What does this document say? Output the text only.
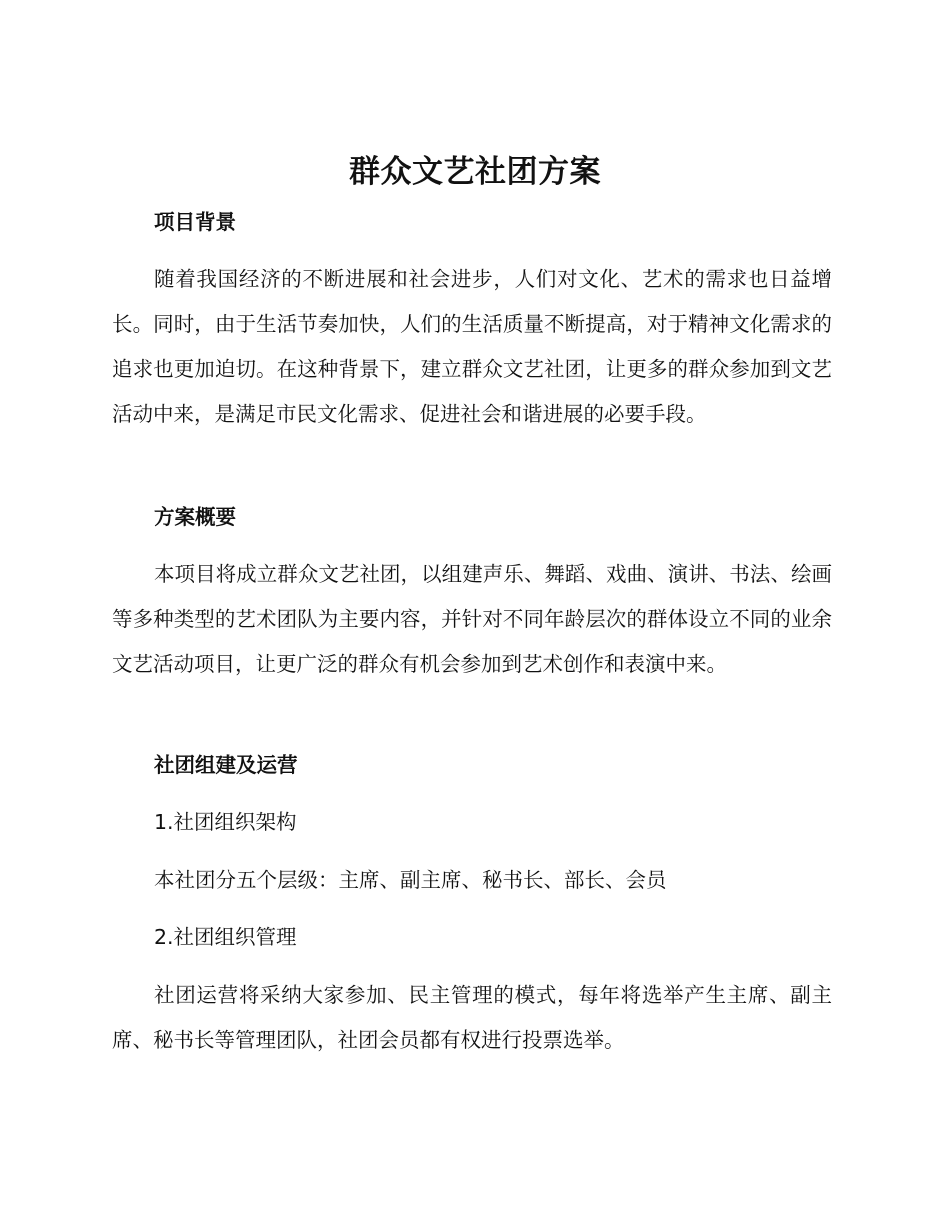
群众文艺社团方案
项目背景
随着我国经济的不断进展和社会进步，人们对文化、艺术的需求也日益增长。同时，由于生活节奏加快，人们的生活质量不断提高，对于精神文化需求的追求也更加迫切。在这种背景下，建立群众文艺社团，让更多的群众参加到文艺活动中来，是满足市民文化需求、促进社会和谐进展的必要手段。
方案概要
本项目将成立群众文艺社团，以组建声乐、舞蹈、戏曲、演讲、书法、绘画等多种类型的艺术团队为主要内容，并针对不同年龄层次的群体设立不同的业余文艺活动项目，让更广泛的群众有机会参加到艺术创作和表演中来。
社团组建及运营
1.社团组织架构
本社团分五个层级：主席、副主席、秘书长、部长、会员
2.社团组织管理
社团运营将采纳大家参加、民主管理的模式，每年将选举产生主席、副主席、秘书长等管理团队，社团会员都有权进行投票选举。
